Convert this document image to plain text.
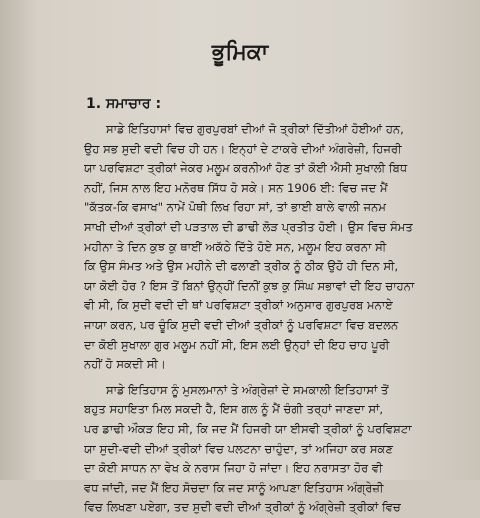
ਭੂਮਿਕਾ
1. ਸਮਾਚਾਰ :
ਸਾਡੇ ਇਤਿਹਾਸਾਂ ਵਿਚ ਗੁਰਪੁਰਬਾਂ ਦੀਆਂ ਜੋ ਤ੍ਰੀਕਾਂ ਦਿੱਤੀਆਂ ਹੋਈਆਂ ਹਨ,
ਉਹ ਸਭ ਸੁਦੀ ਵਦੀ ਵਿਚ ਹੀ ਹਨ। ਇਨ੍ਹਾਂ ਦੇ ਟਾਕਰੇ ਦੀਆਂ ਅੰਗਰੇਜ਼ੀ, ਹਿਜਰੀ
ਯਾ ਪਰਵਿਸ਼ਟਾ ਤ੍ਰੀਕਾਂ ਜੇਕਰ ਮਲੂਮ ਕਰਨੀਆਂ ਹੋਣ ਤਾਂ ਕੋਈ ਐਸੀ ਸੁਖਾਲੀ ਬਿਧ
ਨਹੀਂ, ਜਿਸ ਨਾਲ ਇਹ ਮਨੋਰਥ ਸਿੱਧ ਹੋ ਸਕੇ। ਸਨ 1906 ਈ: ਵਿਚ ਜਦ ਮੈਂ
"ਕੱਤਕ-ਕਿ ਵਸਾਖ" ਨਾਮੇਂ ਪੋਥੀ ਲਿਖ ਰਿਹਾ ਸਾਂ, ਤਾਂ ਭਾਈ ਬਾਲੇ ਵਾਲੀ ਜਨਮ
ਸਾਖੀ ਦੀਆਂ ਤ੍ਰੀਕਾਂ ਦੀ ਪੜਤਾਲ ਦੀ ਡਾਢੀ ਲੋੜ ਪ੍ਰਤੀਤ ਹੋਈ। ਉਸ ਵਿਚ ਸੰਮਤ
ਮਹੀਨਾ ਤੇ ਦਿਨ ਕੁਝ ਕੁ ਥਾਈਂ ਅਕੱਠੇ ਦਿੱਤੇ ਹੋਏ ਸਨ, ਮਲੂਮ ਇਹ ਕਰਨਾ ਸੀ
ਕਿ ਉਸ ਸੰਮਤ ਅਤੇ ਉਸ ਮਹੀਨੇ ਦੀ ਫਲਾਣੀ ਤ੍ਰੀਕ ਨੂੰ ਠੀਕ ਉਹੋ ਹੀ ਦਿਨ ਸੀ,
ਯਾ ਕੋਈ ਹੋਰ ? ਇਸ ਤੋਂ ਬਿਨਾਂ ਉਨ੍ਹੀਂ ਦਿਨੀਂ ਕੁਝ ਕੁ ਸਿੰਘ ਸਭਾਵਾਂ ਦੀ ਇਹ ਚਾਹਨਾ
ਵੀ ਸੀ, ਕਿ ਸੁਦੀ ਵਦੀ ਦੀ ਥਾਂ ਪਰਵਿਸ਼ਟਾ ਤ੍ਰੀਕਾਂ ਅਨੁਸਾਰ ਗੁਰਪੁਰਬ ਮਨਾਏ
ਜਾਯਾ ਕਰਨ, ਪਰ ਚੂੰਕਿ ਸੁਦੀ ਵਦੀ ਦੀਆਂ ਤ੍ਰੀਕਾਂ ਨੂੰ ਪਰਵਿਸ਼ਟਾ ਵਿਚ ਬਦਲਨ
ਦਾ ਕੋਈ ਸੁਖਾਲਾ ਗੁਰ ਮਲੂਮ ਨਹੀਂ ਸੀ, ਇਸ ਲਈ ਉਨ੍ਹਾਂ ਦੀ ਇਹ ਚਾਹ ਪੂਰੀ
ਨਹੀਂ ਹੋ ਸਕਦੀ ਸੀ।
ਸਾਡੇ ਇਤਿਹਾਸ ਨੂੰ ਮੁਸਲਮਾਨਾਂ ਤੇ ਅੰਗ੍ਰੇਜ਼ਾਂ ਦੇ ਸਮਕਾਲੀ ਇਤਿਹਾਸਾਂ ਤੋਂ
ਬਹੁਤ ਸਹਾਇਤਾ ਮਿਲ ਸਕਦੀ ਹੈ, ਇਸ ਗਲ ਨੂੰ ਮੈਂ ਚੰਗੀ ਤਰ੍ਹਾਂ ਜਾਣਦਾ ਸਾਂ,
ਪਰ ਡਾਢੀ ਔਕੜ ਇਹ ਸੀ, ਕਿ ਜਦ ਮੈਂ ਹਿਜਰੀ ਯਾ ਈਸਵੀ ਤ੍ਰੀਕਾਂ ਨੂੰ ਪਰਵਿਸ਼ਟਾ
ਯਾ ਸੁਦੀ-ਵਦੀ ਦੀਆਂ ਤ੍ਰੀਕਾਂ ਵਿਚ ਪਲਟਨਾ ਚਾਹੁੰਦਾ, ਤਾਂ ਅਜਿਹਾ ਕਰ ਸਕਣ
ਦਾ ਕੋਈ ਸਾਧਨ ਨਾ ਵੇਖ ਕੇ ਨਰਾਸ ਜਿਹਾ ਹੋ ਜਾਂਦਾ। ਇਹ ਨਰਾਸਤਾ ਹੋਰ ਵੀ
ਵਧ ਜਾਂਦੀ, ਜਦ ਮੈਂ ਇਹ ਸੋਚਦਾ ਕਿ ਜਦ ਸਾਨੂੰ ਆਪਣਾ ਇਤਿਹਾਸ ਅੰਗ੍ਰੇਜ਼ੀ
ਵਿਚ ਲਿਖਣਾ ਪਏਗਾ, ਤਦ ਸੁਦੀ ਵਦੀ ਦੀਆਂ ਤ੍ਰੀਕਾਂ ਨੂੰ ਅੰਗ੍ਰੇਜ਼ੀ ਤ੍ਰੀਕਾਂ ਵਿਚ
